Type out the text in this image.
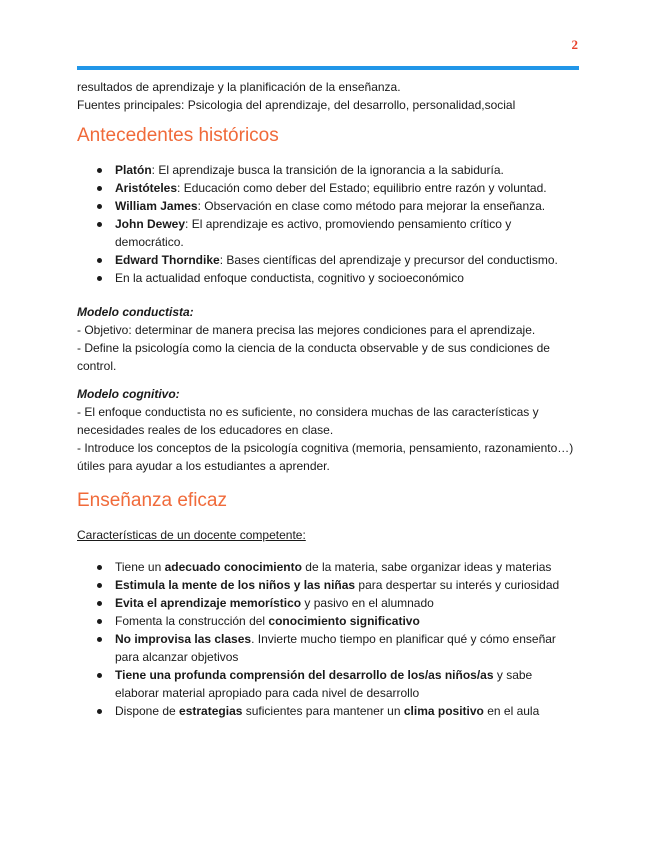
2

resultados de aprendizaje y la planificación de la enseñanza.

Fuentes principales: Psicologia del aprendizaje, del desarrollo, personalidad,social

Antecedentes históricos
Platón: El aprendizaje busca la transición de la ignorancia a la sabiduría.
Aristóteles: Educación como deber del Estado; equilibrio entre razón y voluntad.
William James: Observación en clase como método para mejorar la enseñanza.
John Dewey: El aprendizaje es activo, promoviendo pensamiento crítico y democrático.
Edward Thorndike: Bases científicas del aprendizaje y precursor del conductismo.
En la actualidad enfoque conductista, cognitivo y socioeconómico

Modelo conductista:

- Objetivo: determinar de manera precisa las mejores condiciones para el aprendizaje.

- Define la psicología como la ciencia de la conducta observable y de sus condiciones de control.

Modelo cognitivo:

- El enfoque conductista no es suficiente, no considera muchas de las características y necesidades reales de los educadores en clase.

- Introduce los conceptos de la psicología cognitiva (memoria, pensamiento, razonamiento…) útiles para ayudar a los estudiantes a aprender.

Enseñanza eficaz

Características de un docente competente:

Tiene un adecuado conocimiento de la materia, sabe organizar ideas y materias
Estimula la mente de los niños y las niñas para despertar su interés y curiosidad
Evita el aprendizaje memorístico y pasivo en el alumnado
Fomenta la construcción del conocimiento significativo
No improvisa las clases. Invierte mucho tiempo en planificar qué y cómo enseñar para alcanzar objetivos
Tiene una profunda comprensión del desarrollo de los/as niños/as y sabe elaborar material apropiado para cada nivel de desarrollo
Dispone de estrategias suficientes para mantener un clima positivo en el aula
